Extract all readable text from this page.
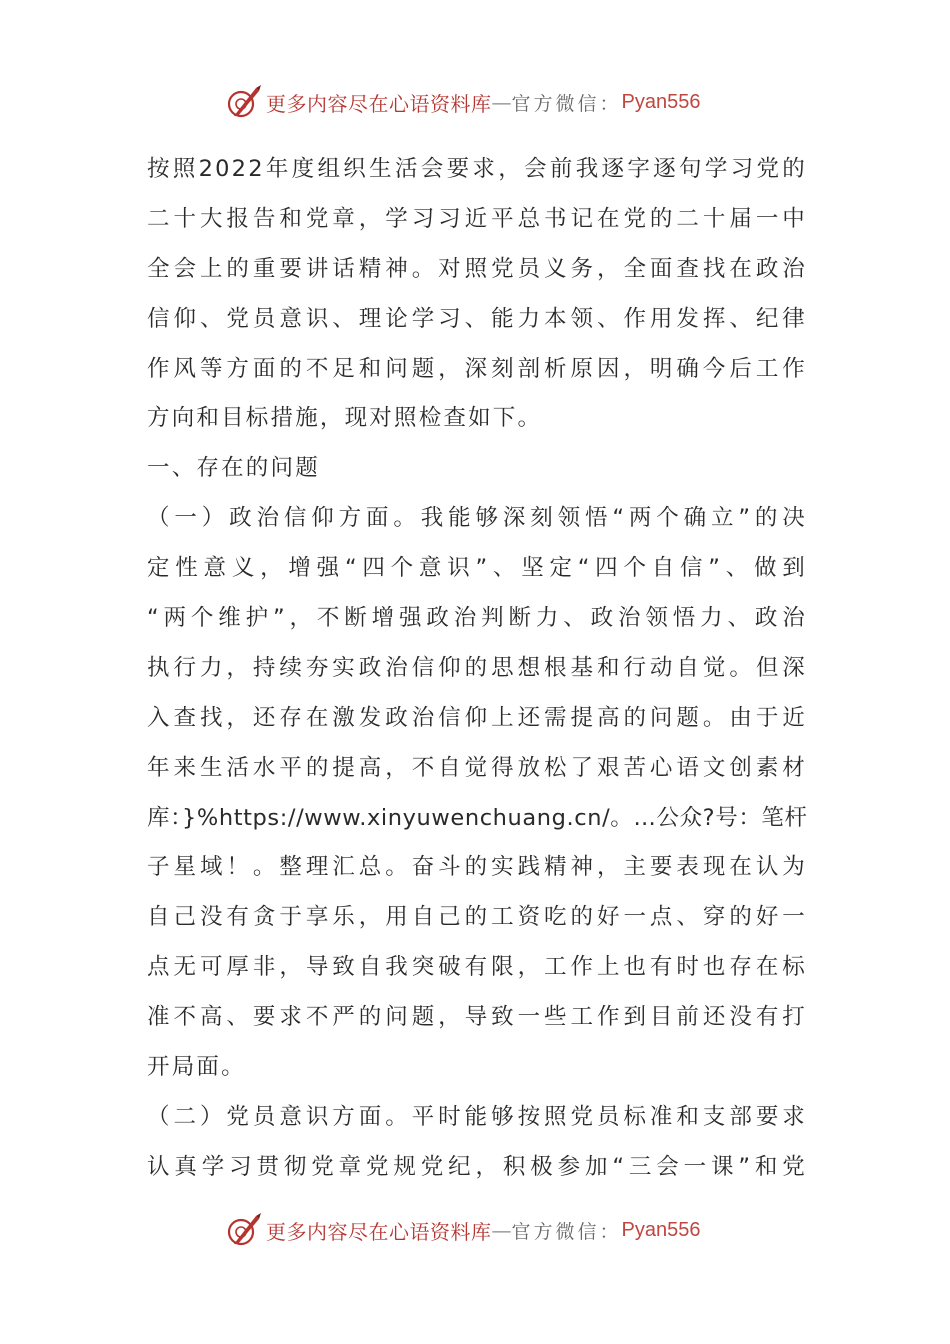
更多内容尽在心语资料库 — 官方微信： Pyan556
按照2022年度组织生活会要求，会前我逐字逐句学习党的
二十大报告和党章，学习习近平总书记在党的二十届一中
全会上的重要讲话精神。对照党员义务，全面查找在政治
信仰、党员意识、理论学习、能力本领、作用发挥、纪律
作风等方面的不足和问题，深刻剖析原因，明确今后工作
方向和目标措施，现对照检查如下。
一、存在的问题
（一）政治信仰方面。我能够深刻领悟“两个确立”的决
定性意义，增强“四个意识”、坚定“四个自信”、做到
“两个维护”，不断增强政治判断力、政治领悟力、政治
执行力，持续夯实政治信仰的思想根基和行动自觉。但深
入查找，还存在激发政治信仰上还需提高的问题。由于近
年来生活水平的提高，不自觉得放松了艰苦心语文创素材
库：}%https://www.xinyuwenchuang.cn/。…公众?号：笔杆
子星域！。整理汇总。奋斗的实践精神，主要表现在认为
自己没有贪于享乐，用自己的工资吃的好一点、穿的好一
点无可厚非，导致自我突破有限，工作上也有时也存在标
准不高、要求不严的问题，导致一些工作到目前还没有打
开局面。
（二）党员意识方面。平时能够按照党员标准和支部要求
认真学习贯彻党章党规党纪，积极参加“三会一课”和党
更多内容尽在心语资料库 — 官方微信： Pyan556
